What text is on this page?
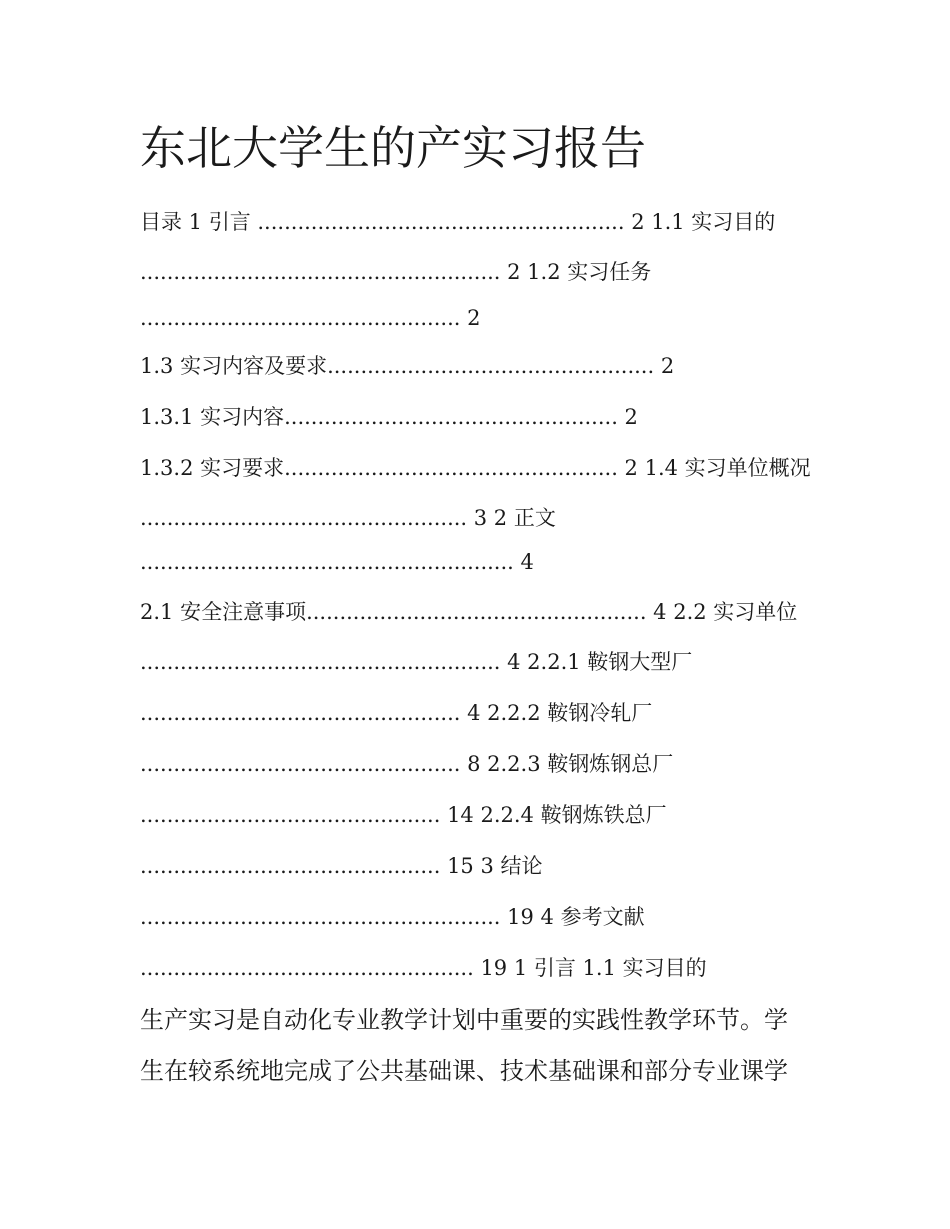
东北大学生的产实习报告
目录 1 引言 ....................................................... 2 1.1 实习目的
...................................................... 2 1.2 实习任务
................................................ 2
1.3 实习内容及要求................................................. 2
1.3.1 实习内容.................................................. 2
1.3.2 实习要求.................................................. 2 1.4 实习单位概况
................................................. 3 2 正文
........................................................ 4
2.1 安全注意事项................................................... 4 2.2 实习单位
...................................................... 4 2.2.1 鞍钢大型厂
................................................ 4 2.2.2 鞍钢冷轧厂
................................................ 8 2.2.3 鞍钢炼钢总厂
............................................. 14 2.2.4 鞍钢炼铁总厂
............................................. 15 3 结论
...................................................... 19 4 参考文献
.................................................. 19 1 引言 1.1 实习目的
生产实习是自动化专业教学计划中重要的实践性教学环节。学
生在较系统地完成了公共基础课、技术基础课和部分专业课学
